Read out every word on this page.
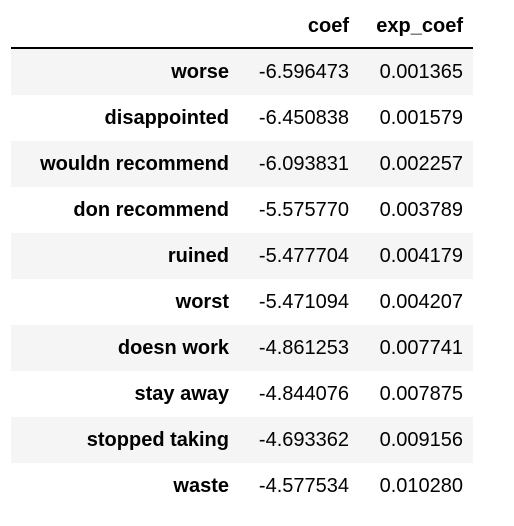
	coef	exp_coef
worse	-6.596473	0.001365
disappointed	-6.450838	0.001579
wouldn recommend	-6.093831	0.002257
don recommend	-5.575770	0.003789
ruined	-5.477704	0.004179
worst	-5.471094	0.004207
doesn work	-4.861253	0.007741
stay away	-4.844076	0.007875
stopped taking	-4.693362	0.009156
waste	-4.577534	0.010280
